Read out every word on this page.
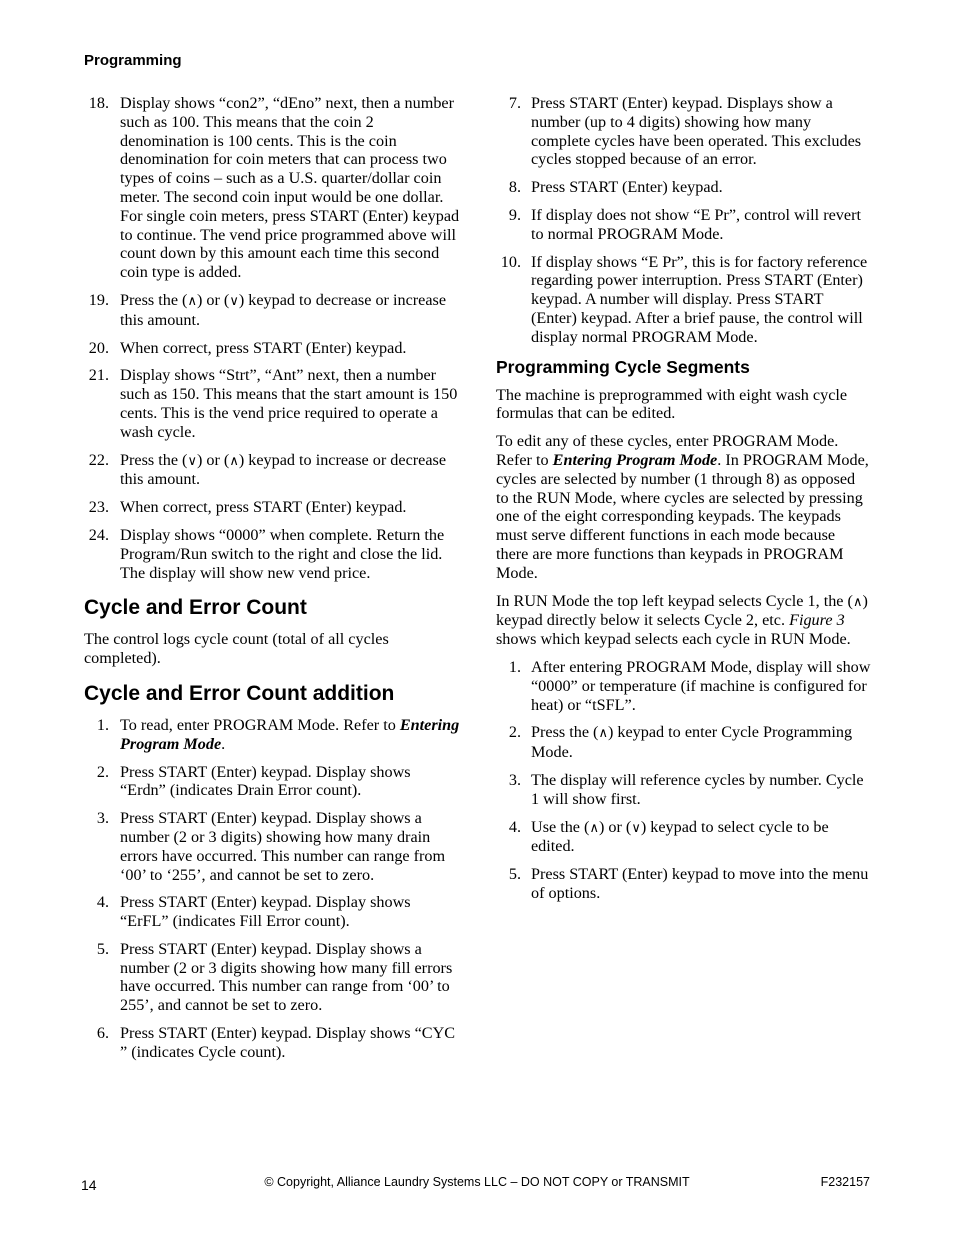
Programming
18. Display shows “con2”, “dEno” next, then a number such as 100. This means that the coin 2 denomination is 100 cents. This is the coin denomination for coin meters that can process two types of coins – such as a U.S. quarter/dollar coin meter. The second coin input would be one dollar. For single coin meters, press START (Enter) keypad to continue. The vend price programmed above will count down by this amount each time this second coin type is added.
19. Press the (∧) or (∨) keypad to decrease or increase this amount.
20. When correct, press START (Enter) keypad.
21. Display shows “Strt”, “Ant” next, then a number such as 150. This means that the start amount is 150 cents. This is the vend price required to operate a wash cycle.
22. Press the (∨) or (∧) keypad to increase or decrease this amount.
23. When correct, press START (Enter) keypad.
24. Display shows “0000” when complete. Return the Program/Run switch to the right and close the lid. The display will show new vend price.
Cycle and Error Count

The control logs cycle count (total of all cycles completed).

Cycle and Error Count addition
1. To read, enter PROGRAM Mode. Refer to Entering Program Mode.
2. Press START (Enter) keypad. Display shows “Erdn” (indicates Drain Error count).
3. Press START (Enter) keypad. Display shows a number (2 or 3 digits) showing how many drain errors have occurred. This number can range from ‘00’ to ‘255’, and cannot be set to zero.
4. Press START (Enter) keypad. Display shows “ErFL” (indicates Fill Error count).
5. Press START (Enter) keypad. Display shows a number (2 or 3 digits showing how many fill errors have occurred. This number can range from ‘00’ to 255’, and cannot be set to zero.
6. Press START (Enter) keypad. Display shows “CYC ” (indicates Cycle count).
7. Press START (Enter) keypad. Displays show a number (up to 4 digits) showing how many complete cycles have been operated. This excludes cycles stopped because of an error.
8. Press START (Enter) keypad.
9. If display does not show “E Pr”, control will revert to normal PROGRAM Mode.
10. If display shows “E Pr”, this is for factory reference regarding power interruption. Press START (Enter) keypad. A number will display. Press START (Enter) keypad. After a brief pause, the control will display normal PROGRAM Mode.
Programming Cycle Segments

The machine is preprogrammed with eight wash cycle formulas that can be edited.

To edit any of these cycles, enter PROGRAM Mode. Refer to Entering Program Mode. In PROGRAM Mode, cycles are selected by number (1 through 8) as opposed to the RUN Mode, where cycles are selected by pressing one of the eight corresponding keypads. The keypads must serve different functions in each mode because there are more functions than keypads in PROGRAM Mode.

In RUN Mode the top left keypad selects Cycle 1, the (∧) keypad directly below it selects Cycle 2, etc. Figure 3 shows which keypad selects each cycle in RUN Mode.

1. After entering PROGRAM Mode, display will show “0000” or temperature (if machine is configured for heat) or “tSFL”.
2. Press the (∧) keypad to enter Cycle Programming Mode.
3. The display will reference cycles by number. Cycle 1 will show first.
4. Use the (∧) or (∨) keypad to select cycle to be edited.
5. Press START (Enter) keypad to move into the menu of options.
14	© Copyright, Alliance Laundry Systems LLC – DO NOT COPY or TRANSMIT	F232157
